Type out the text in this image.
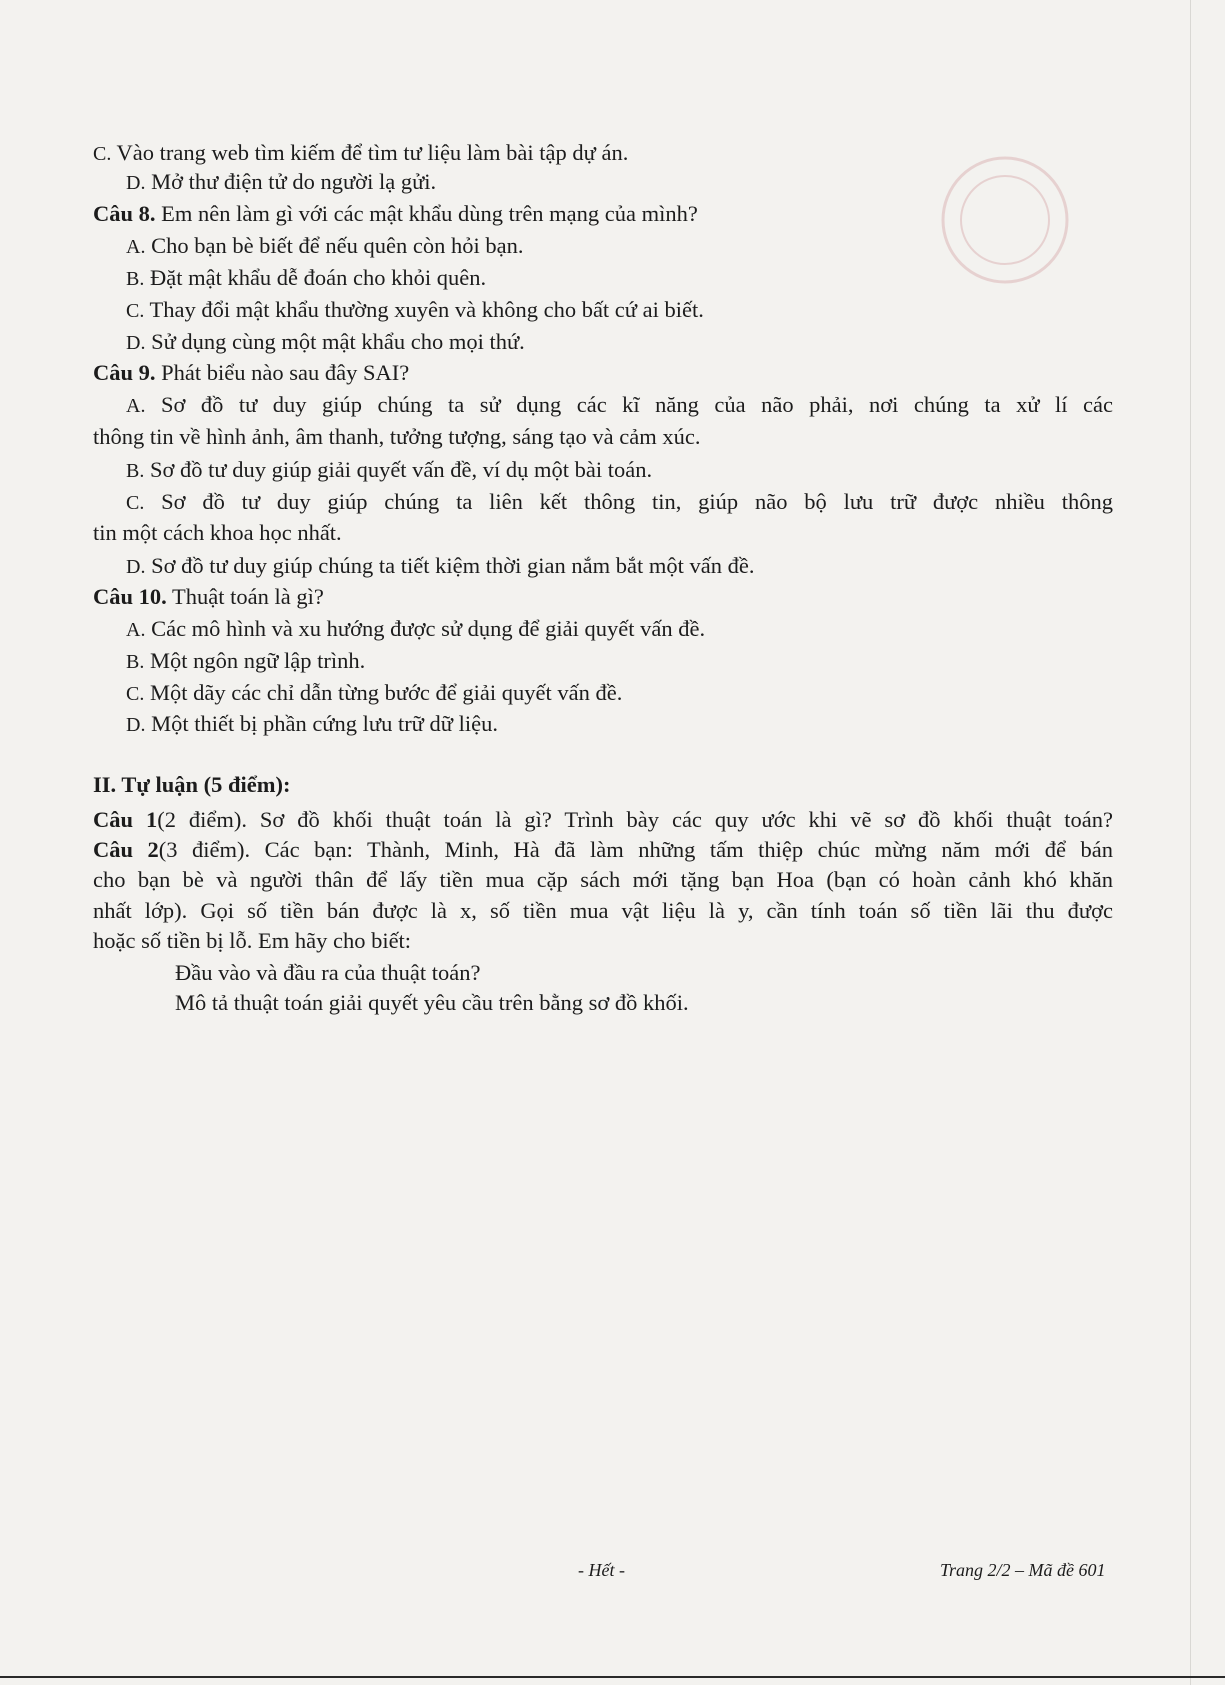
C. Vào trang web tìm kiếm để tìm tư liệu làm bài tập dự án.
D. Mở thư điện tử do người lạ gửi.
Câu 8. Em nên làm gì với các mật khẩu dùng trên mạng của mình?
A. Cho bạn bè biết để nếu quên còn hỏi bạn.
B. Đặt mật khẩu dễ đoán cho khỏi quên.
C. Thay đổi mật khẩu thường xuyên và không cho bất cứ ai biết.
D. Sử dụng cùng một mật khẩu cho mọi thứ.
Câu 9. Phát biểu nào sau đây SAI?
A. Sơ đồ tư duy giúp chúng ta sử dụng các kĩ năng của não phải, nơi chúng ta xử lí các
thông tin về hình ảnh, âm thanh, tưởng tượng, sáng tạo và cảm xúc.
B. Sơ đồ tư duy giúp giải quyết vấn đề, ví dụ một bài toán.
C. Sơ đồ tư duy giúp chúng ta liên kết thông tin, giúp não bộ lưu trữ được nhiều thông
tin một cách khoa học nhất.
D. Sơ đồ tư duy giúp chúng ta tiết kiệm thời gian nắm bắt một vấn đề.
Câu 10. Thuật toán là gì?
A. Các mô hình và xu hướng được sử dụng để giải quyết vấn đề.
B. Một ngôn ngữ lập trình.
C. Một dãy các chỉ dẫn từng bước để giải quyết vấn đề.
D. Một thiết bị phần cứng lưu trữ dữ liệu.
II. Tự luận (5 điểm):
Câu 1(2 điểm). Sơ đồ khối thuật toán là gì? Trình bày các quy ước khi vẽ sơ đồ khối thuật toán?
Câu 2(3 điểm). Các bạn: Thành, Minh, Hà đã làm những tấm thiệp chúc mừng năm mới để bán
cho bạn bè và người thân để lấy tiền mua cặp sách mới tặng bạn Hoa (bạn có hoàn cảnh khó khăn
nhất lớp). Gọi số tiền bán được là x, số tiền mua vật liệu là y, cần tính toán số tiền lãi thu được
hoặc số tiền bị lỗ. Em hãy cho biết:
Đầu vào và đầu ra của thuật toán?
Mô tả thuật toán giải quyết yêu cầu trên bằng sơ đồ khối.
- Hết -	Trang 2/2 – Mã đề 601
